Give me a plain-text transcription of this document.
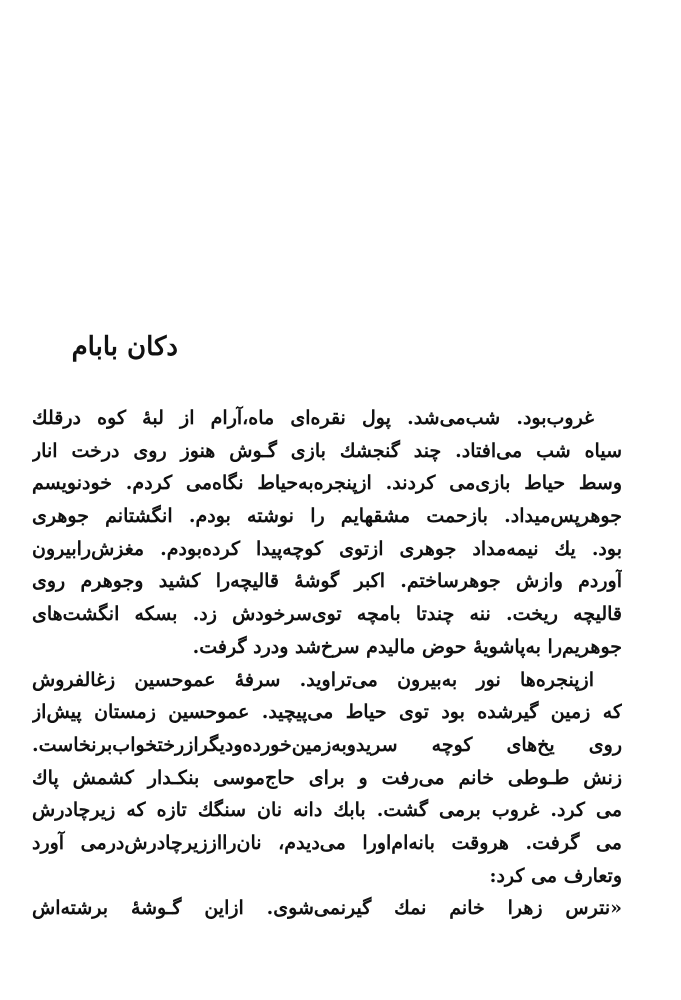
دکان بابام
غروب‌بود. شب‌می‌شد. پول نقره‌ای ماه،آرام از لبهٔ کوه درقلك
سیاه شب می‌افتاد. چند گنجشك بازی گـوش هنوز روی درخت انار
وسط حیاط بازی‌می کردند. ازپنجره‌به‌حیاط نگاه‌می کردم. خودنویسم
جوهرپس‌میداد. بازحمت مشقهایم را نوشته بودم. انگشتانم جوهری
بود. یك نیمه‌مداد جوهری ازتوی کوچه‌پیدا کرده‌بودم. مغزش‌رابیرون
آوردم وازش جوهرساختم. اکبر گوشهٔ قالیچه‌را کشید وجوهرم روی
قالیچه ریخت. ننه چندتا بامچه توی‌سرخودش زد. بسکه انگشت‌های
جوهریم‌را به‌پاشویهٔ حوض مالیدم سرخ‌شد ودرد گرفت.
ازپنجره‌ها نور به‌بیرون می‌تراوید. سرفهٔ عموحسین زغالفروش
که زمین گیرشده بود توی حیاط می‌پیچید. عموحسین زمستان پیش‌از
روی یخ‌های کوچه سریدوبه‌زمین‌خورده‌ودیگرازرختخواب‌برنخاست.
زنش طـوطی خانم می‌رفت و برای حاج‌موسی بنکـدار کشمش پاك
می کرد. غروب برمی گشت. بابك دانه نان سنگك تازه که زیرچادرش
می گرفت. هروقت بانه‌ام‌اورا می‌دیدم، نان‌رااززیرچادرش‌درمی آورد
وتعارف می کرد:
«نترس زهرا خانم نمك گیرنمی‌شوی. ازاین گـوشهٔ برشته‌اش
